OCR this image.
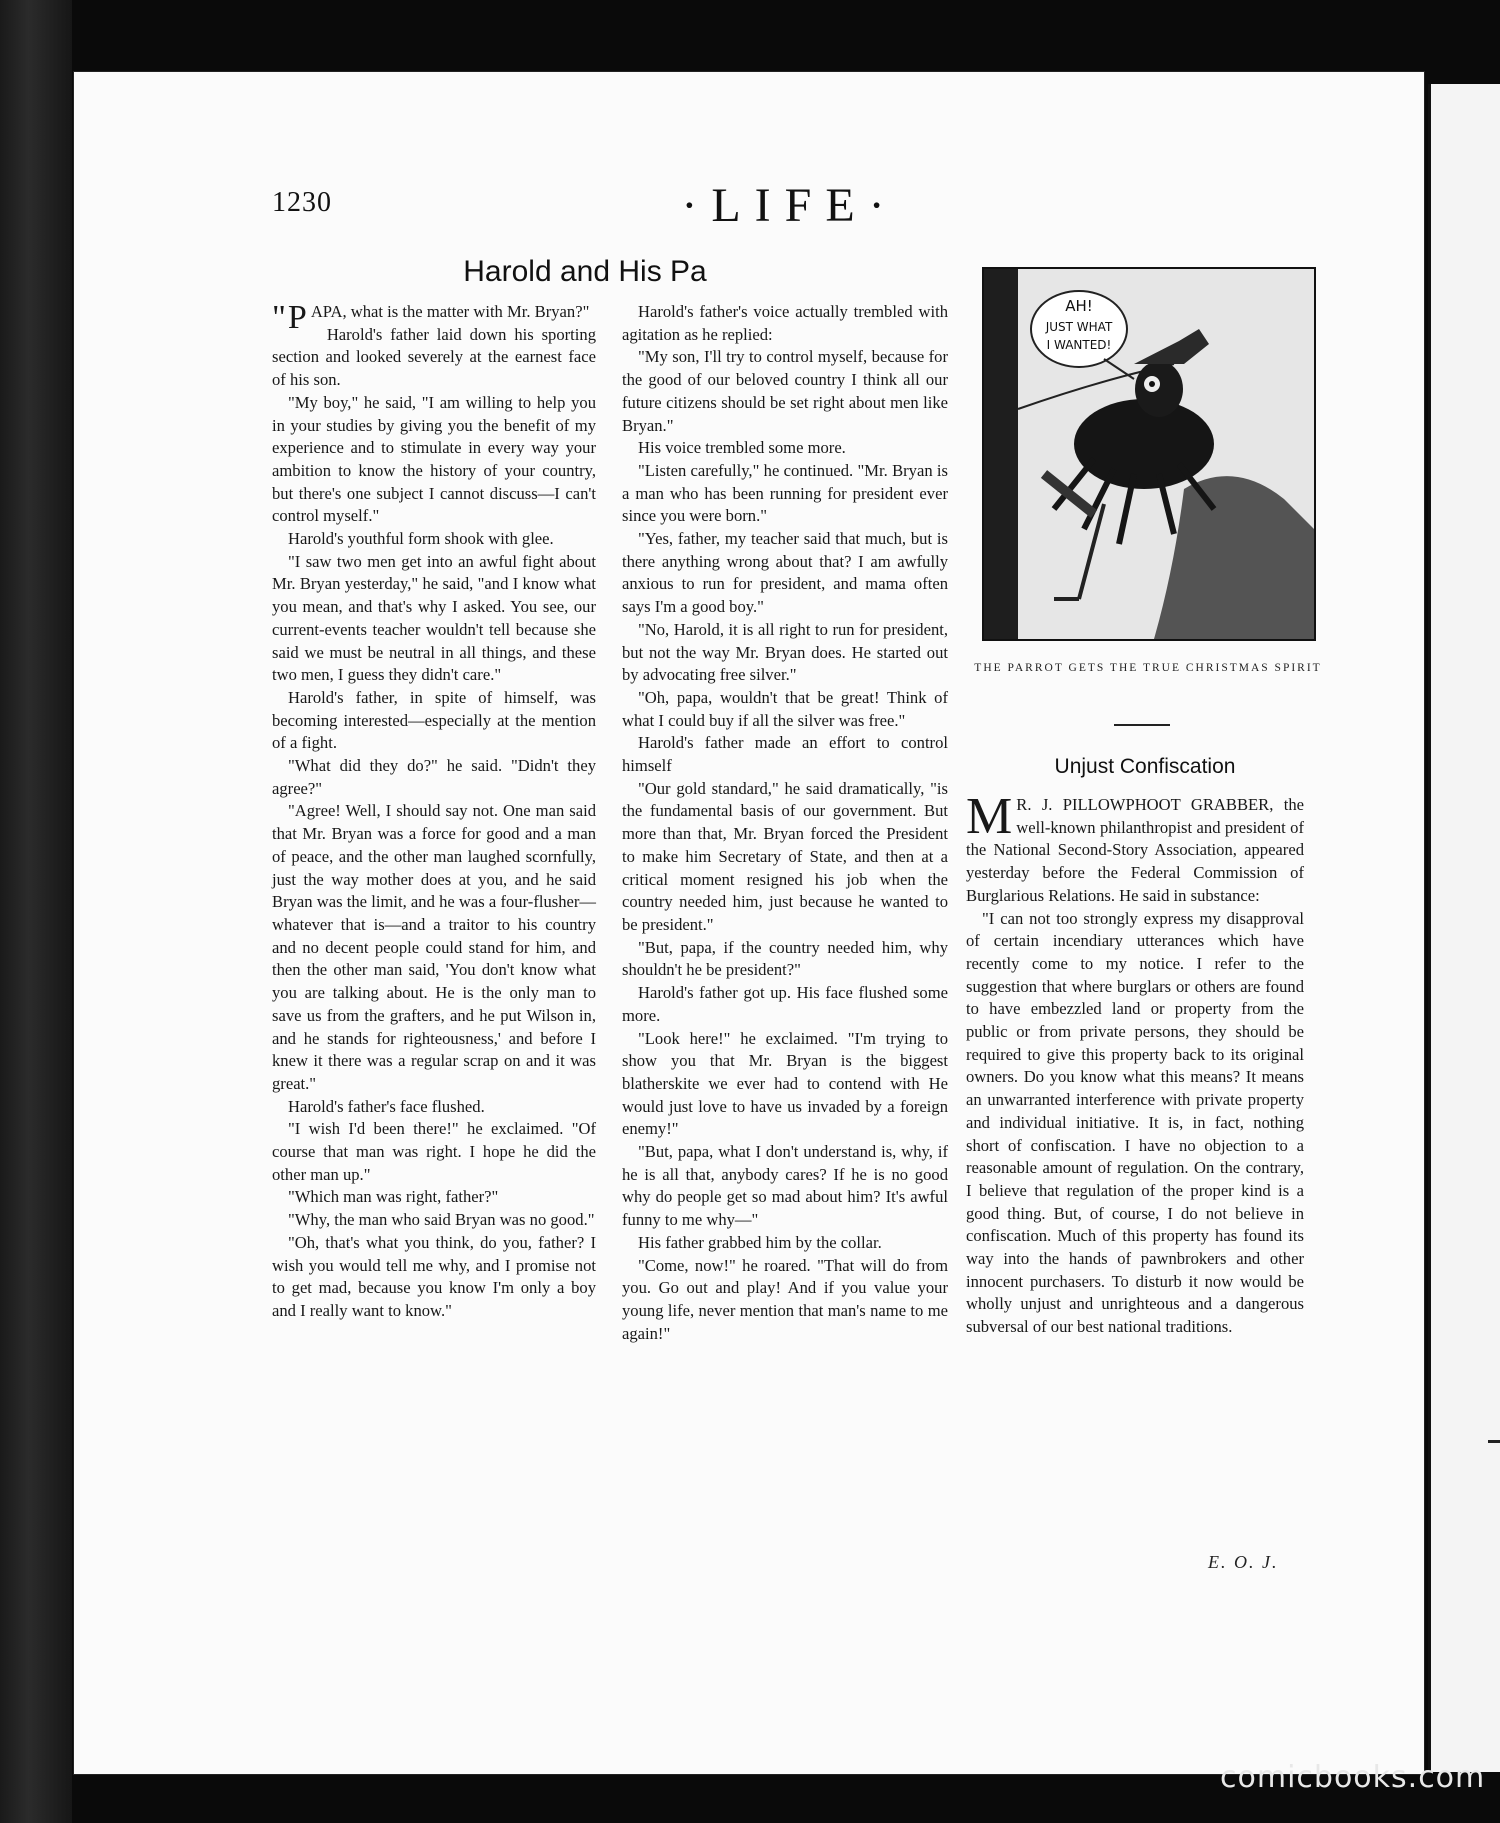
1230	·LIFE·
Harold and His Pa

" P APA, what is the matter with Mr. Bryan?"

Harold's father laid down his sporting section and looked severely at the earnest face of his son.

"My boy," he said, "I am willing to help you in your studies by giving you the benefit of my experience and to stimulate in every way your ambition to know the history of your country, but there's one subject I cannot discuss—I can't control myself."

Harold's youthful form shook with glee.

"I saw two men get into an awful fight about Mr. Bryan yesterday," he said, "and I know what you mean, and that's why I asked. You see, our current-events teacher wouldn't tell because she said we must be neutral in all things, and these two men, I guess they didn't care."

Harold's father, in spite of himself, was becoming interested—especially at the mention of a fight.

"What did they do?" he said. "Didn't they agree?"

"Agree! Well, I should say not. One man said that Mr. Bryan was a force for good and a man of peace, and the other man laughed scornfully, just the way mother does at you, and he said Bryan was the limit, and he was a four-flusher—whatever that is—and a traitor to his country and no decent people could stand for him, and then the other man said, 'You don't know what you are talking about. He is the only man to save us from the grafters, and he put Wilson in, and he stands for righteousness,' and before I knew it there was a regular scrap on and it was great."

Harold's father's face flushed.

"I wish I'd been there!" he exclaimed. "Of course that man was right. I hope he did the other man up."

"Which man was right, father?"

"Why, the man who said Bryan was no good."

"Oh, that's what you think, do you, father? I wish you would tell me why, and I promise not to get mad, because you know I'm only a boy and I really want to know."

Harold's father's voice actually trembled with agitation as he replied:

"My son, I'll try to control myself, because for the good of our beloved country I think all our future citizens should be set right about men like Bryan."

His voice trembled some more.

"Listen carefully," he continued. "Mr. Bryan is a man who has been running for president ever since you were born."

"Yes, father, my teacher said that much, but is there anything wrong about that? I am awfully anxious to run for president, and mama often says I'm a good boy."

"No, Harold, it is all right to run for president, but not the way Mr. Bryan does. He started out by advocating free silver."

"Oh, papa, wouldn't that be great! Think of what I could buy if all the silver was free."

Harold's father made an effort to control himself

"Our gold standard," he said dramatically, "is the fundamental basis of our government. But more than that, Mr. Bryan forced the President to make him Secretary of State, and then at a critical moment resigned his job when the country needed him, just because he wanted to be president."

"But, papa, if the country needed him, why shouldn't he be president?"

Harold's father got up. His face flushed some more.

"Look here!" he exclaimed. "I'm trying to show you that Mr. Bryan is the biggest blatherskite we ever had to contend with He would just love to have us invaded by a foreign enemy!"

"But, papa, what I don't understand is, why, if he is all that, anybody cares? If he is no good why do people get so mad about him? It's awful funny to me why—"

His father grabbed him by the collar.

"Come, now!" he roared. "That will do from you. Go out and play! And if you value your young life, never mention that man's name to me again!"

AH!
JUST WHAT
I WANTED!
THE PARROT GETS THE TRUE CHRISTMAS SPIRIT
Unjust Confiscation

M R. J. PILLOWPHOOT GRABBER, the well-known philanthropist and president of the National Second-Story Association, appeared yesterday before the Federal Commission of Burglarious Relations. He said in substance:

"I can not too strongly express my disapproval of certain incendiary utterances which have recently come to my notice. I refer to the suggestion that where burglars or others are found to have embezzled land or property from the public or from private persons, they should be required to give this property back to its original owners. Do you know what this means? It means an unwarranted interference with private property and individual initiative. It is, in fact, nothing short of confiscation. I have no objection to a reasonable amount of regulation. On the contrary, I believe that regulation of the proper kind is a good thing. But, of course, I do not believe in confiscation. Much of this property has found its way into the hands of pawnbrokers and other innocent purchasers. To disturb it now would be wholly unjust and unrighteous and a dangerous subversal of our best national traditions.

E. O. J.
comicbooks.com
